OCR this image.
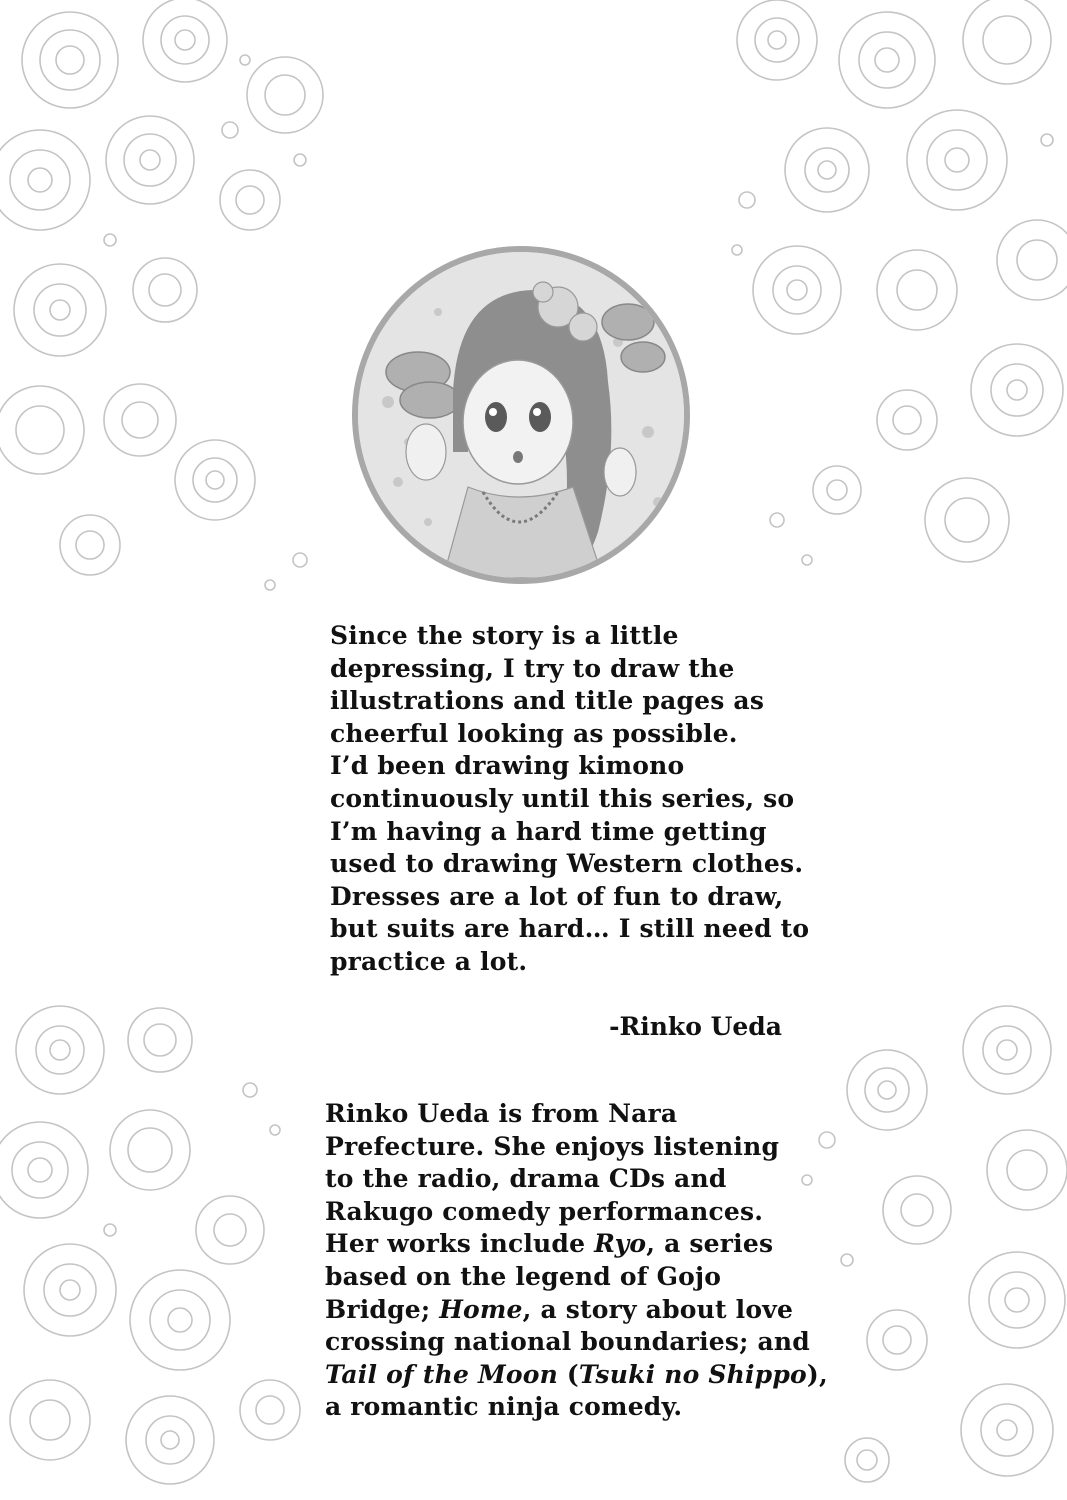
Since the story is a little
depressing, I try to draw the
illustrations and title pages as
cheerful looking as possible.
I’d been drawing kimono
continuously until this series, so
I’m having a hard time getting
used to drawing Western clothes.
Dresses are a lot of fun to draw,
but suits are hard… I still need to
practice a lot.
-Rinko Ueda
Rinko Ueda is from Nara
Prefecture. She enjoys listening
to the radio, drama CDs and
Rakugo comedy performances.
Her works include Ryo, a series
based on the legend of Gojo
Bridge; Home, a story about love
crossing national boundaries; and
Tail of the Moon (Tsuki no Shippo),
a romantic ninja comedy.
